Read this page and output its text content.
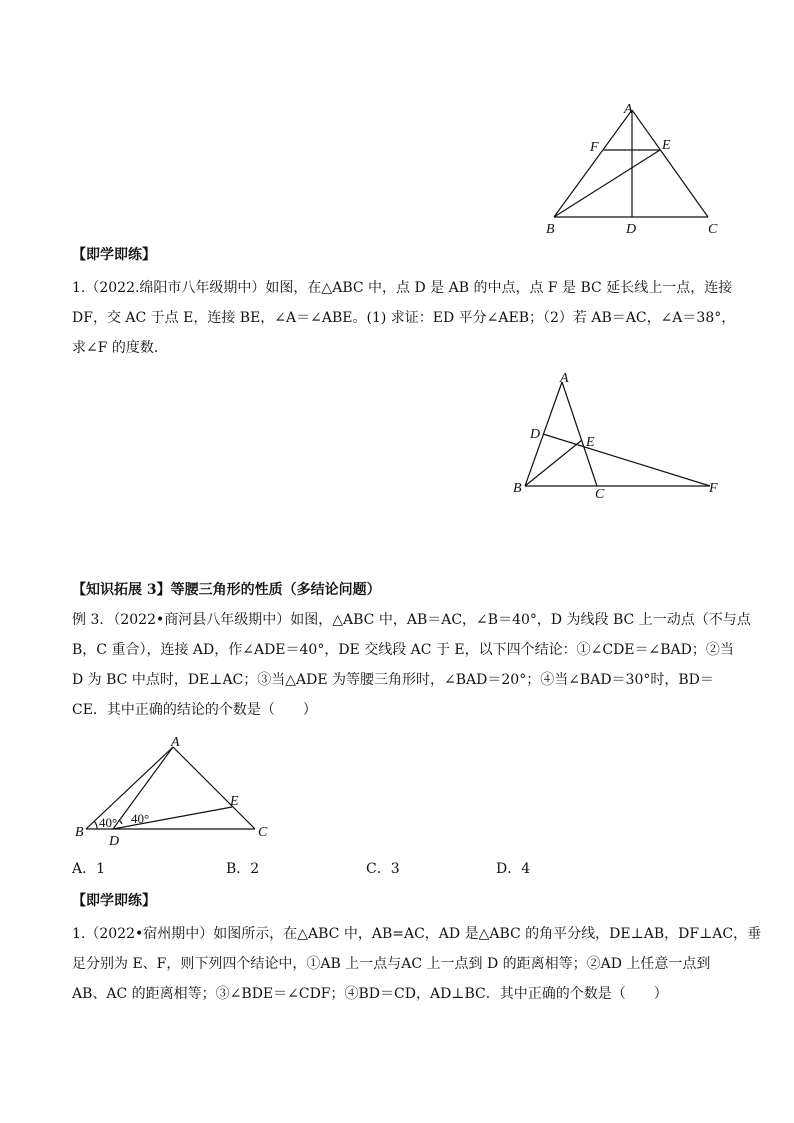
A
F	E
B	D	C
【即学即练】
1.（2022.绵阳市八年级期中）如图，在△ABC 中，点 D 是 AB 的中点，点 F 是 BC 延长线上一点，连接
DF，交 AC 于点 E，连接 BE，∠A＝∠ABE。(1) 求证：ED 平分∠AEB；（2）若 AB＝AC，∠A＝38°，
求∠F 的度数．
A
D
E
B	C	F
【知识拓展 3】等腰三角形的性质（多结论问题）
例 3．（2022•商河县八年级期中）如图，△ABC 中，AB＝AC，∠B＝40°，D 为线段 BC 上一动点（不与点
B，C 重合），连接 AD，作∠ADE＝40°，DE 交线段 AC 于 E，以下四个结论：①∠CDE＝∠BAD；②当
D 为 BC 中点时，DE⊥AC；③当△ADE 为等腰三角形时，∠BAD＝20°；④当∠BAD＝30°时，BD＝
CE．其中正确的结论的个数是（　　）
A
E
B
D
C
40° 40°
A．1	B．2	C．3	D．4
【即学即练】
1.（2022•宿州期中）如图所示，在△ABC 中，AB=AC，AD 是△ABC 的角平分线，DE⊥AB，DF⊥AC，垂
足分别为 E、F，则下列四个结论中，①AB 上一点与AC 上一点到 D 的距离相等；②AD 上任意一点到
AB、AC 的距离相等；③∠BDE＝∠CDF；④BD＝CD，AD⊥BC．其中正确的个数是（　　）
